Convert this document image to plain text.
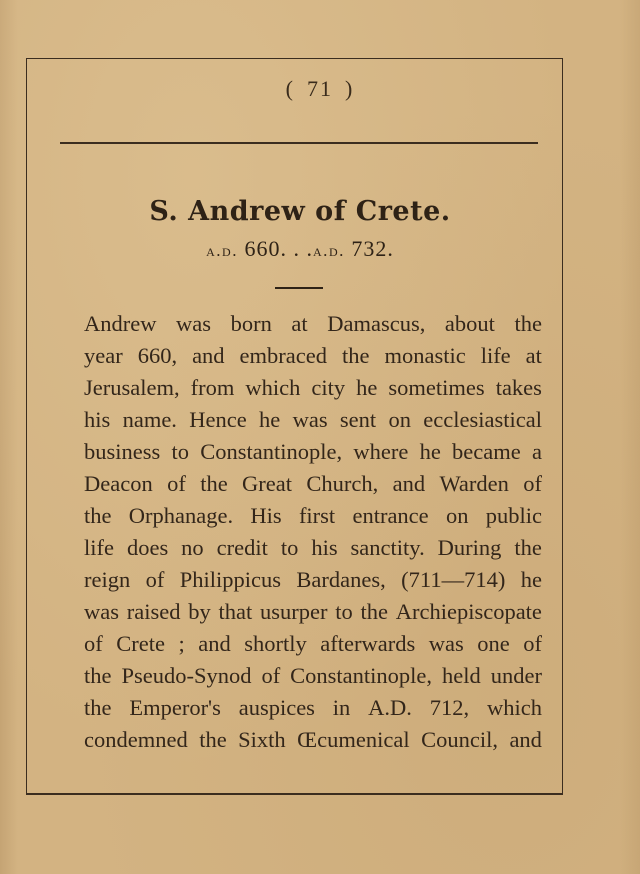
( 71 )
S. Andrew of Crete.
a.d. 660. . .a.d. 732.
Andrew was born at Damascus, about the
year 660, and embraced the monastic life at
Jerusalem, from which city he sometimes takes
his name. Hence he was sent on ecclesiastical
business to Constantinople, where he became a
Deacon of the Great Church, and Warden of
the Orphanage. His first entrance on public
life does no credit to his sanctity. During the
reign of Philippicus Bardanes, (711—714) he
was raised by that usurper to the Archiepiscopate
of Crete ; and shortly afterwards was one of
the Pseudo-Synod of Constantinople, held under
the Emperor's auspices in A.D. 712, which
condemned the Sixth Œcumenical Council, and
